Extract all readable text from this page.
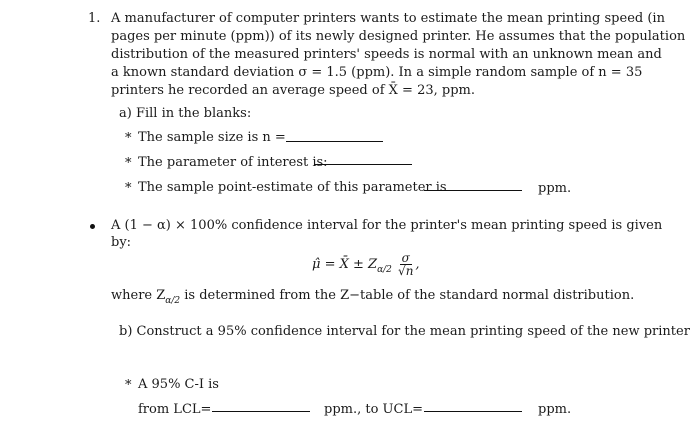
1. A manufacturer of computer printers wants to estimate the mean printing speed (in
pages per minute (ppm)) of its newly designed printer. He assumes that the population
distribution of the measured printers' speeds is normal with an unknown mean and
a known standard deviation σ = 1.5 (ppm). In a simple random sample of n = 35
printers he recorded an average speed of X̄ = 23, ppm.
a) Fill in the blanks:
* The sample size is n =
* The parameter of interest is:
* The sample point-estimate of this parameter is	ppm.
A (1 − α) × 100% confidence interval for the printer's mean printing speed is given
by:
μ̂ = X̄ ± $Z_{\alpha/2} \frac{\sigma}{√n}$ ,
where $Z_{\alpha/2}$ is determined from the Z−table of the standard normal distribution.
b) Construct a 95% confidence interval for the mean printing speed of the new printer
* A 95% C-I is
from LCL=	ppm., to UCL=	ppm.
